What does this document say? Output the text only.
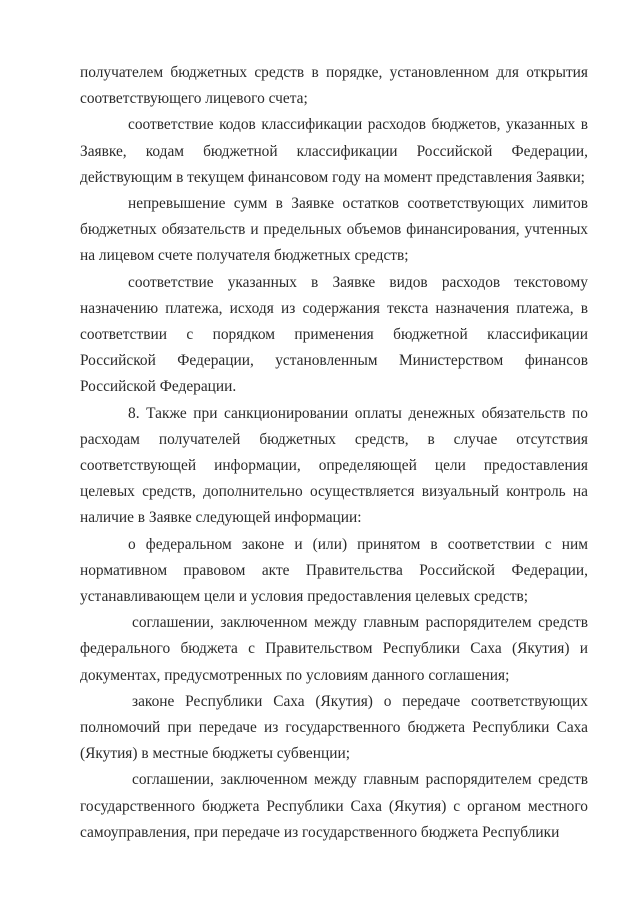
получателем бюджетных средств в порядке, установленном для открытия соответствующего лицевого счета;

соответствие кодов классификации расходов бюджетов, указанных в Заявке, кодам бюджетной классификации Российской Федерации, действующим в текущем финансовом году на момент представления Заявки;

непревышение сумм в Заявке остатков соответствующих лимитов бюджетных обязательств и предельных объемов финансирования, учтенных на лицевом счете получателя бюджетных средств;

соответствие указанных в Заявке видов расходов текстовому назначению платежа, исходя из содержания текста назначения платежа, в соответствии с порядком применения бюджетной классификации Российской Федерации, установленным Министерством финансов Российской Федерации.

8. Также при санкционировании оплаты денежных обязательств по расходам получателей бюджетных средств, в случае отсутствия соответствующей информации, определяющей цели предоставления целевых средств, дополнительно осуществляется визуальный контроль на наличие в Заявке следующей информации:

о федеральном законе и (или) принятом в соответствии с ним нормативном правовом акте Правительства Российской Федерации, устанавливающем цели и условия предоставления целевых средств;

соглашении, заключенном между главным распорядителем средств федерального бюджета с Правительством Республики Саха (Якутия) и документах, предусмотренных по условиям данного соглашения;

законе Республики Саха (Якутия) о передаче соответствующих полномочий при передаче из государственного бюджета Республики Саха (Якутия) в местные бюджеты субвенции;

соглашении, заключенном между главным распорядителем средств государственного бюджета Республики Саха (Якутия) с органом местного самоуправления, при передаче из государственного бюджета Республики
